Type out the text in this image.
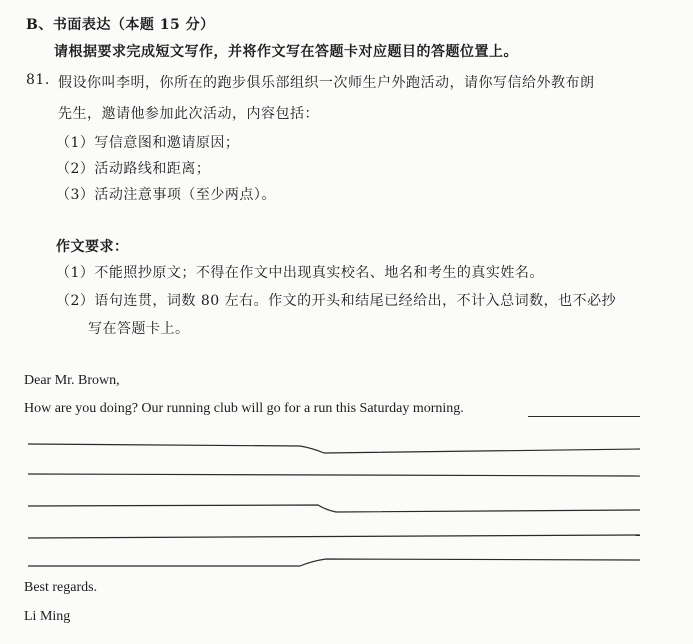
B、书面表达（本题 15 分）
请根据要求完成短文写作，并将作文写在答题卡对应题目的答题位置上。
81. 假设你叫李明，你所在的跑步俱乐部组织一次师生户外跑活动，请你写信给外教布朗
先生，邀请他参加此次活动，内容包括：
（1）写信意图和邀请原因；
（2）活动路线和距离；
（3）活动注意事项（至少两点）。
作文要求：
（1）不能照抄原文；不得在作文中出现真实校名、地名和考生的真实姓名。
（2）语句连贯，词数 80 左右。作文的开头和结尾已经给出，不计入总词数，也不必抄
写在答题卡上。
Dear Mr. Brown,
How are you doing? Our running club will go for a run this Saturday morning.
Best regards.
Li Ming
